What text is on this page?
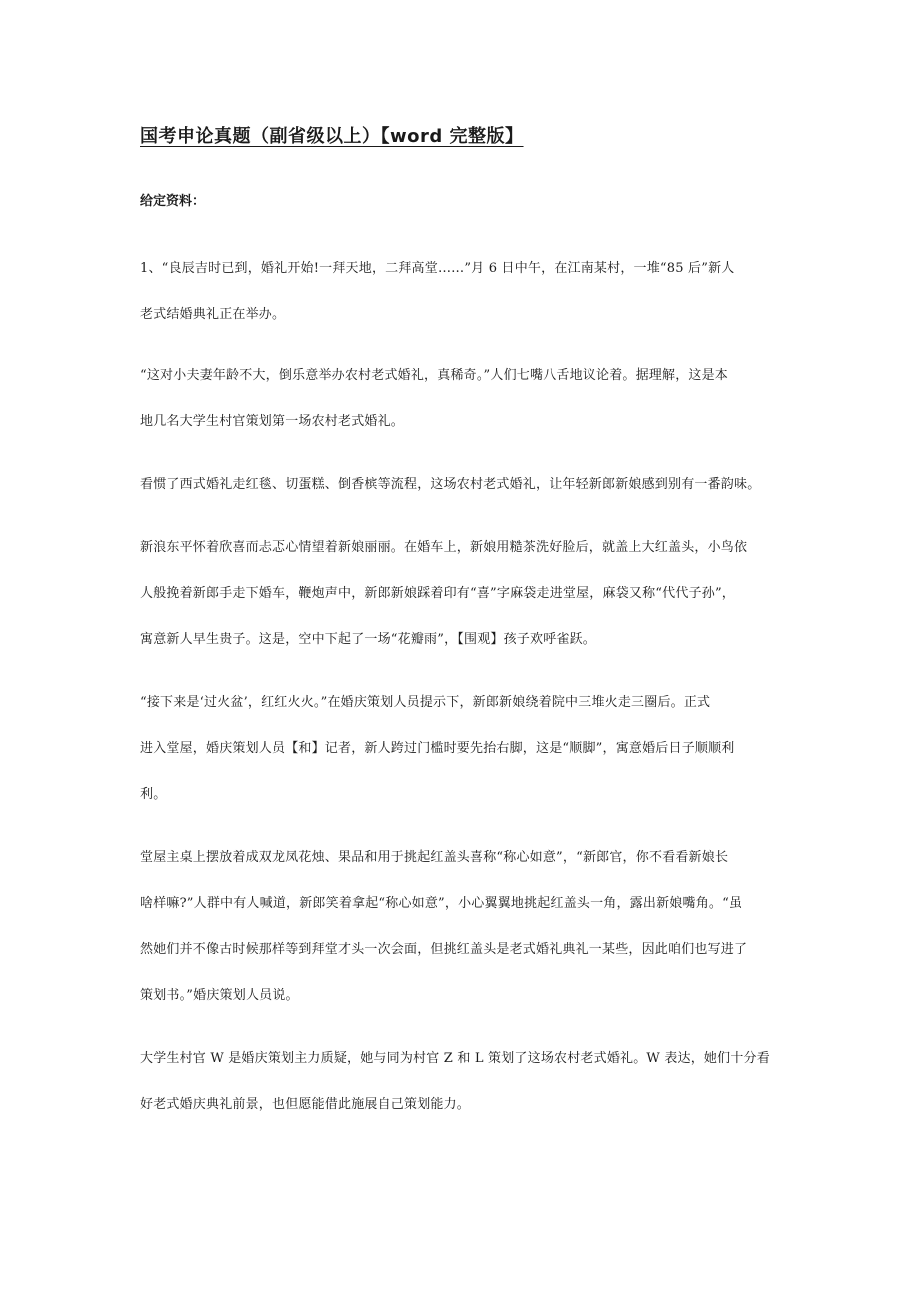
国考申论真题（副省级以上）【word 完整版】

给定资料：

1、“良辰吉时已到，婚礼开始!一拜天地，二拜高堂……”月 6 日中午，在江南某村，一堆“85 后”新人
老式结婚典礼正在举办。

“这对小夫妻年龄不大，倒乐意举办农村老式婚礼，真稀奇。”人们七嘴八舌地议论着。据理解，这是本
地几名大学生村官策划第一场农村老式婚礼。

看惯了西式婚礼走红毯、切蛋糕、倒香槟等流程，这场农村老式婚礼，让年轻新郎新娘感到别有一番韵味。

新浪东平怀着欣喜而忐忑心情望着新娘丽丽。在婚车上，新娘用糙茶洗好脸后，就盖上大红盖头，小鸟依
人般挽着新郎手走下婚车，鞭炮声中，新郎新娘踩着印有“喜”字麻袋走进堂屋，麻袋又称“代代子孙”，
寓意新人早生贵子。这是，空中下起了一场“花瓣雨”，【围观】孩子欢呼雀跃。

“接下来是‘过火盆’，红红火火。”在婚庆策划人员提示下，新郎新娘绕着院中三堆火走三圈后。正式
进入堂屋，婚庆策划人员【和】记者，新人跨过门槛时要先抬右脚，这是“顺脚”，寓意婚后日子顺顺利
利。

堂屋主桌上摆放着成双龙凤花烛、果品和用于挑起红盖头喜称“称心如意”，“新郎官，你不看看新娘长
啥样嘛?”人群中有人喊道，新郎笑着拿起“称心如意”，小心翼翼地挑起红盖头一角，露出新娘嘴角。“虽
然她们并不像古时候那样等到拜堂才头一次会面，但挑红盖头是老式婚礼典礼一某些，因此咱们也写进了
策划书。”婚庆策划人员说。

大学生村官 W 是婚庆策划主力质疑，她与同为村官 Z 和 L 策划了这场农村老式婚礼。W 表达，她们十分看
好老式婚庆典礼前景，也但愿能借此施展自己策划能力。
